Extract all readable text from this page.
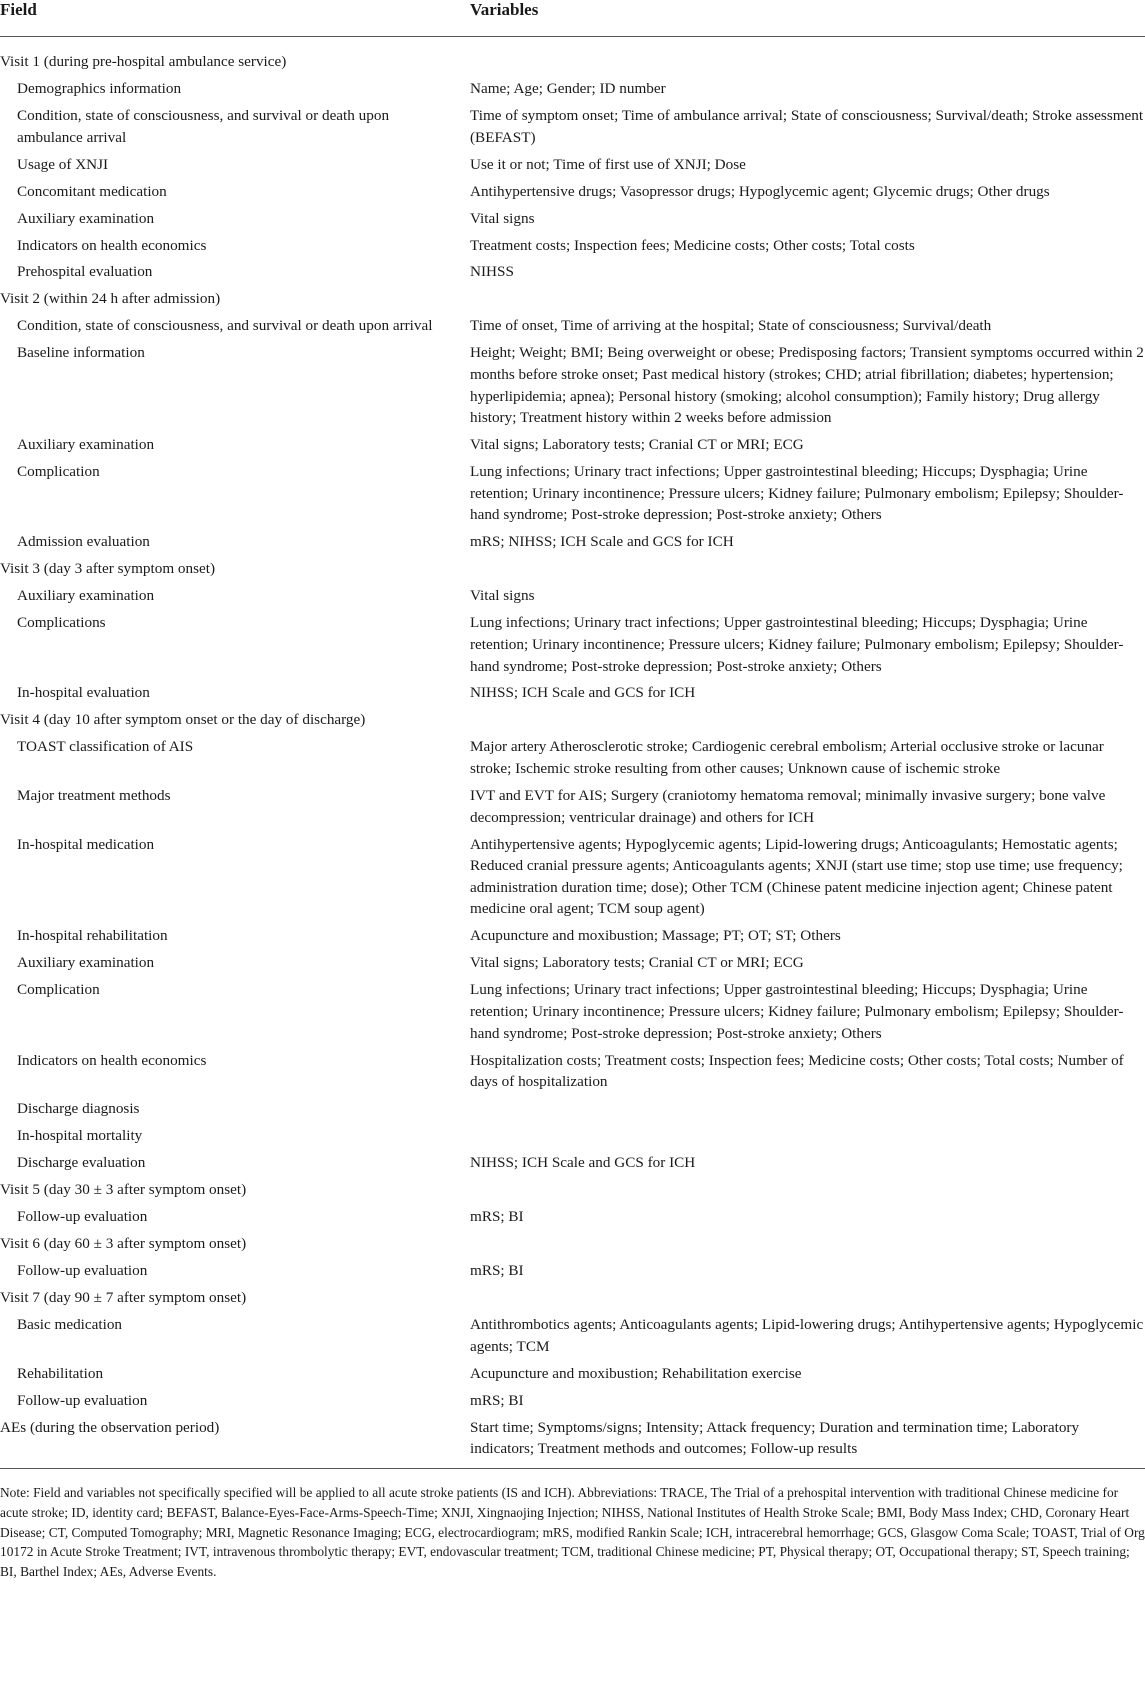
Field	Variables
Visit 1 (during pre-hospital ambulance service)	
Demographics information	Name; Age; Gender; ID number
Condition, state of consciousness, and survival or death upon ambulance arrival	Time of symptom onset; Time of ambulance arrival; State of consciousness; Survival/death; Stroke assessment (BEFAST)
Usage of XNJI	Use it or not; Time of first use of XNJI; Dose
Concomitant medication	Antihypertensive drugs; Vasopressor drugs; Hypoglycemic agent; Glycemic drugs; Other drugs
Auxiliary examination	Vital signs
Indicators on health economics	Treatment costs; Inspection fees; Medicine costs; Other costs; Total costs
Prehospital evaluation	NIHSS
Visit 2 (within 24 h after admission)	
Condition, state of consciousness, and survival or death upon arrival	Time of onset, Time of arriving at the hospital; State of consciousness; Survival/death
Baseline information	Height; Weight; BMI; Being overweight or obese; Predisposing factors; Transient symptoms occurred within 2 months before stroke onset; Past medical history (strokes; CHD; atrial fibrillation; diabetes; hypertension; hyperlipidemia; apnea); Personal history (smoking; alcohol consumption); Family history; Drug allergy history; Treatment history within 2 weeks before admission
Auxiliary examination	Vital signs; Laboratory tests; Cranial CT or MRI; ECG
Complication	Lung infections; Urinary tract infections; Upper gastrointestinal bleeding; Hiccups; Dysphagia; Urine retention; Urinary incontinence; Pressure ulcers; Kidney failure; Pulmonary embolism; Epilepsy; Shoulder-hand syndrome; Post-stroke depression; Post-stroke anxiety; Others
Admission evaluation	mRS; NIHSS; ICH Scale and GCS for ICH
Visit 3 (day 3 after symptom onset)	
Auxiliary examination	Vital signs
Complications	Lung infections; Urinary tract infections; Upper gastrointestinal bleeding; Hiccups; Dysphagia; Urine retention; Urinary incontinence; Pressure ulcers; Kidney failure; Pulmonary embolism; Epilepsy; Shoulder-hand syndrome; Post-stroke depression; Post-stroke anxiety; Others
In-hospital evaluation	NIHSS; ICH Scale and GCS for ICH
Visit 4 (day 10 after symptom onset or the day of discharge)	
TOAST classification of AIS	Major artery Atherosclerotic stroke; Cardiogenic cerebral embolism; Arterial occlusive stroke or lacunar stroke; Ischemic stroke resulting from other causes; Unknown cause of ischemic stroke
Major treatment methods	IVT and EVT for AIS; Surgery (craniotomy hematoma removal; minimally invasive surgery; bone valve decompression; ventricular drainage) and others for ICH
In-hospital medication	Antihypertensive agents; Hypoglycemic agents; Lipid-lowering drugs; Anticoagulants; Hemostatic agents; Reduced cranial pressure agents; Anticoagulants agents; XNJI (start use time; stop use time; use frequency; administration duration time; dose); Other TCM (Chinese patent medicine injection agent; Chinese patent medicine oral agent; TCM soup agent)
In-hospital rehabilitation	Acupuncture and moxibustion; Massage; PT; OT; ST; Others
Auxiliary examination	Vital signs; Laboratory tests; Cranial CT or MRI; ECG
Complication	Lung infections; Urinary tract infections; Upper gastrointestinal bleeding; Hiccups; Dysphagia; Urine retention; Urinary incontinence; Pressure ulcers; Kidney failure; Pulmonary embolism; Epilepsy; Shoulder-hand syndrome; Post-stroke depression; Post-stroke anxiety; Others
Indicators on health economics	Hospitalization costs; Treatment costs; Inspection fees; Medicine costs; Other costs; Total costs; Number of days of hospitalization
Discharge diagnosis	
In-hospital mortality	
Discharge evaluation	NIHSS; ICH Scale and GCS for ICH
Visit 5 (day 30 ± 3 after symptom onset)	
Follow-up evaluation	mRS; BI
Visit 6 (day 60 ± 3 after symptom onset)	
Follow-up evaluation	mRS; BI
Visit 7 (day 90 ± 7 after symptom onset)	
Basic medication	Antithrombotics agents; Anticoagulants agents; Lipid-lowering drugs; Antihypertensive agents; Hypoglycemic agents; TCM
Rehabilitation	Acupuncture and moxibustion; Rehabilitation exercise
Follow-up evaluation	mRS; BI
AEs (during the observation period)	Start time; Symptoms/signs; Intensity; Attack frequency; Duration and termination time; Laboratory indicators; Treatment methods and outcomes; Follow-up results
Note: Field and variables not specifically specified will be applied to all acute stroke patients (IS and ICH). Abbreviations: TRACE, The Trial of a prehospital intervention with traditional Chinese medicine for acute stroke; ID, identity card; BEFAST, Balance-Eyes-Face-Arms-Speech-Time; XNJI, Xingnaojing Injection; NIHSS, National Institutes of Health Stroke Scale; BMI, Body Mass Index; CHD, Coronary Heart Disease; CT, Computed Tomography; MRI, Magnetic Resonance Imaging; ECG, electrocardiogram; mRS, modified Rankin Scale; ICH, intracerebral hemorrhage; GCS, Glasgow Coma Scale; TOAST, Trial of Org 10172 in Acute Stroke Treatment; IVT, intravenous thrombolytic therapy; EVT, endovascular treatment; TCM, traditional Chinese medicine; PT, Physical therapy; OT, Occupational therapy; ST, Speech training; BI, Barthel Index; AEs, Adverse Events.
